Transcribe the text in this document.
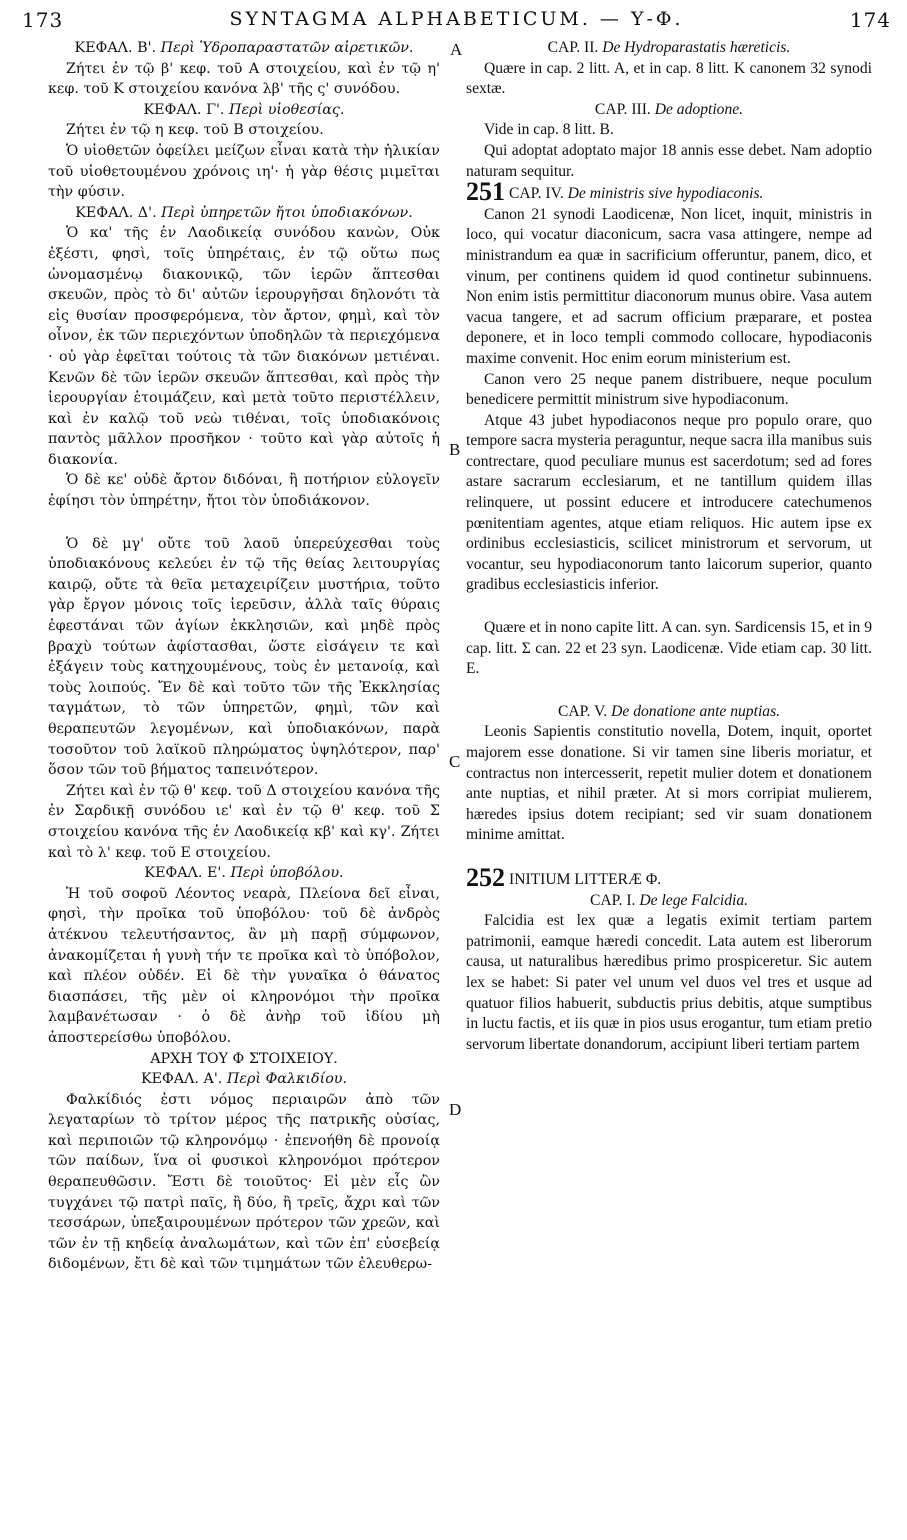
173	SYNTAGMA ALPHABETICUM. — Υ-Φ.	174

ΚΕΦΑΛ. Β'. Περὶ Ὑδροπαραστατῶν αἱρετικῶν.

Ζήτει ἐν τῷ β' κεφ. τοῦ Α στοιχείου, καὶ ἐν τῷ η' κεφ. τοῦ Κ στοιχείου κανόνα λβ' τῆς ς' συνόδου.

ΚΕΦΑΛ. Γ'. Περὶ υἱοθεσίας.

Ζήτει ἐν τῷ η κεφ. τοῦ Β στοιχείου.

Ὁ υἱοθετῶν ὀφείλει μείζων εἶναι κατὰ τὴν ἡλικίαν τοῦ υἱοθετουμένου χρόνοις ιη'· ἡ γὰρ θέσις μιμεῖται τὴν φύσιν.

ΚΕΦΑΛ. Δ'. Περὶ ὑπηρετῶν ἤτοι ὑποδιακόνων.

Ὁ κα' τῆς ἐν Λαοδικείᾳ συνόδου κανὼν, Οὐκ ἐξέστι, φησὶ, τοῖς ὑπηρέταις, ἐν τῷ οὕτω πως ὠνομασμένῳ διακονικῷ, τῶν ἱερῶν ἅπτεσθαι σκευῶν, πρὸς τὸ δι' αὐτῶν ἱερουργῆσαι δηλονότι τὰ εἰς θυσίαν προσφερόμενα, τὸν ἄρτον, φημὶ, καὶ τὸν οἶνον, ἐκ τῶν περιεχόντων ὑποδηλῶν τὰ περιεχόμενα · οὐ γὰρ ἐφεῖται τούτοις τὰ τῶν διακόνων μετιέναι. Κενῶν δὲ τῶν ἱερῶν σκευῶν ἅπτεσθαι, καὶ πρὸς τὴν ἱερουργίαν ἑτοιμάζειν, καὶ μετὰ τοῦτο περιστέλλειν, καὶ ἐν καλῷ τοῦ νεὼ τιθέναι, τοῖς ὑποδιακόνοις παντὸς μᾶλλον προσῆκον · τοῦτο καὶ γὰρ αὐτοῖς ἡ διακονία.

Ὁ δὲ κε' οὐδὲ ἄρτον διδόναι, ἢ ποτήριον εὐλογεῖν ἐφίησι τὸν ὑπηρέτην, ἤτοι τὸν ὑποδιάκονον.

Ὁ δὲ μγ' οὔτε τοῦ λαοῦ ὑπερεύχεσθαι τοὺς ὑποδιακόνους κελεύει ἐν τῷ τῆς θείας λειτουργίας καιρῷ, οὔτε τὰ θεῖα μεταχειρίζειν μυστήρια, τοῦτο γὰρ ἔργον μόνοις τοῖς ἱερεῦσιν, ἀλλὰ ταῖς θύραις ἐφεστάναι τῶν ἁγίων ἐκκλησιῶν, καὶ μηδὲ πρὸς βραχὺ τούτων ἀφίστασθαι, ὥστε εἰσάγειν τε καὶ ἐξάγειν τοὺς κατηχουμένους, τοὺς ἐν μετανοίᾳ, καὶ τοὺς λοιπούς. Ἔν δὲ καὶ τοῦτο τῶν τῆς Ἐκκλησίας ταγμάτων, τὸ τῶν ὑπηρετῶν, φημὶ, τῶν καὶ θεραπευτῶν λεγομένων, καὶ ὑποδιακόνων, παρὰ τοσοῦτον τοῦ λαϊκοῦ πληρώματος ὑψηλότερον, παρ' ὅσον τῶν τοῦ βήματος ταπεινότερον.

Ζήτει καὶ ἐν τῷ θ' κεφ. τοῦ Δ στοιχείου κανόνα τῆς ἐν Σαρδικῇ συνόδου ιε' καὶ ἐν τῷ θ' κεφ. τοῦ Σ στοιχείου κανόνα τῆς ἐν Λαοδικείᾳ κβ' καὶ κγ'. Ζήτει καὶ τὸ λ' κεφ. τοῦ Ε στοιχείου.

ΚΕΦΑΛ. Ε'. Περὶ ὑποβόλου.

Ἡ τοῦ σοφοῦ Λέοντος νεαρὰ, Πλείονα δεῖ εἶναι, φησὶ, τὴν προῖκα τοῦ ὑποβόλου· τοῦ δὲ ἀνδρὸς ἀτέκνου τελευτήσαντος, ἂν μὴ παρῇ σύμφωνον, ἀνακομίζεται ἡ γυνὴ τήν τε προῖκα καὶ τὸ ὑπόβολον, καὶ πλέον οὐδέν. Εἰ δὲ τὴν γυναῖκα ὁ θάνατος διασπάσει, τῆς μὲν οἱ κληρονόμοι τὴν προῖκα λαμβανέτωσαν · ὁ δὲ ἀνὴρ τοῦ ἰδίου μὴ ἀποστερείσθω ὑποβόλου.

ΑΡΧΗ ΤΟΥ Φ ΣΤΟΙΧΕΙΟΥ.

ΚΕΦΑΛ. Α'. Περὶ Φαλκιδίου.

Φαλκίδιός ἐστι νόμος περιαιρῶν ἀπὸ τῶν λεγαταρίων τὸ τρίτον μέρος τῆς πατρικῆς οὐσίας, καὶ περιποιῶν τῷ κληρονόμῳ · ἐπενοήθη δὲ προνοίᾳ τῶν παίδων, ἵνα οἱ φυσικοὶ κληρονόμοι πρότερον θεραπευθῶσιν. Ἔστι δὲ τοιοῦτος· Εἰ μὲν εἷς ὢν τυγχάνει τῷ πατρὶ παῖς, ἢ δύο, ἢ τρεῖς, ἄχρι καὶ τῶν τεσσάρων, ὑπεξαιρουμένων πρότερον τῶν χρεῶν, καὶ τῶν ἐν τῇ κηδείᾳ ἀναλωμάτων, καὶ τῶν ἐπ' εὐσεβείᾳ διδομένων, ἔτι δὲ καὶ τῶν τιμημάτων τῶν ἐλευθερω-

CAP. II. De Hydroparastatis hæreticis.

Quære in cap. 2 litt. A, et in cap. 8 litt. K canonem 32 synodi sextæ.

CAP. III. De adoptione.

Vide in cap. 8 litt. B.

Qui adoptat adoptato major 18 annis esse debet. Nam adoptio naturam sequitur.

251 CAP. IV. De ministris sive hypodiaconis.

Canon 21 synodi Laodicenæ, Non licet, inquit, ministris in loco, qui vocatur diaconicum, sacra vasa attingere, nempe ad ministrandum ea quæ in sacrificium offeruntur, panem, dico, et vinum, per continens quidem id quod continetur subinnuens. Non enim istis permittitur diaconorum munus obire. Vasa autem vacua tangere, et ad sacrum officium præparare, et postea deponere, et in loco templi commodo collocare, hypodiaconis maxime convenit. Hoc enim eorum ministerium est.

Canon vero 25 neque panem distribuere, neque poculum benedicere permittit ministrum sive hypodiaconum.

Atque 43 jubet hypodiaconos neque pro populo orare, quo tempore sacra mysteria peraguntur, neque sacra illa manibus suis contrectare, quod peculiare munus est sacerdotum; sed ad fores astare sacrarum ecclesiarum, et ne tantillum quidem illas relinquere, ut possint educere et introducere catechumenos pœnitentiam agentes, atque etiam reliquos. Hic autem ipse ex ordinibus ecclesiasticis, scilicet ministrorum et servorum, ut vocantur, seu hypodiaconorum tanto laicorum superior, quanto gradibus ecclesiasticis inferior.

Quære et in nono capite litt. A can. syn. Sardicensis 15, et in 9 cap. litt. Σ can. 22 et 23 syn. Laodicenæ. Vide etiam cap. 30 litt. E.

CAP. V. De donatione ante nuptias.

Leonis Sapientis constitutio novella, Dotem, inquit, oportet majorem esse donatione. Si vir tamen sine liberis moriatur, et contractus non intercesserit, repetit mulier dotem et donationem ante nuptias, et nihil præter. At si mors corripiat mulierem, hæredes ipsius dotem recipiant; sed vir suam donationem minime amittat.

252 INITIUM LITTERÆ Φ.

CAP. I. De lege Falcidia.

Falcidia est lex quæ a legatis eximit tertiam partem patrimonii, eamque hæredi concedit. Lata autem est liberorum causa, ut naturalibus hæredibus primo prospiceretur. Sic autem lex se habet: Si pater vel unum vel duos vel tres et usque ad quatuor filios habuerit, subductis prius debitis, atque sumptibus in luctu factis, et iis quæ in pios usus erogantur, tum etiam pretio servorum libertate donandorum, accipiunt liberi tertiam partem

A
B
C
D
